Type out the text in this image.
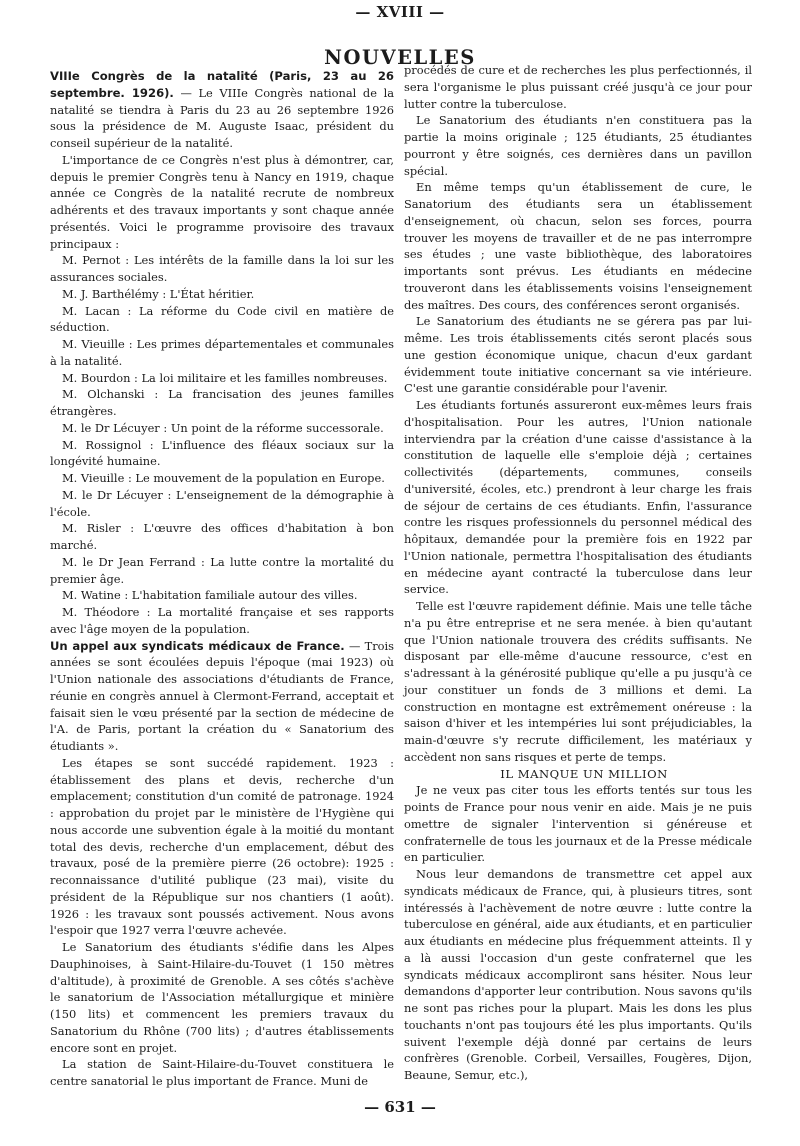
— XVIII —
NOUVELLES

VIIIe Congrès de la natalité (Paris, 23 au 26 septembre. 1926). — Le VIIIe Congrès national de la natalité se tiendra à Paris du 23 au 26 septembre 1926 sous la présidence de M. Auguste Isaac, président du conseil supérieur de la natalité.

L'importance de ce Congrès n'est plus à démontrer, car, depuis le premier Congrès tenu à Nancy en 1919, chaque année ce Congrès de la natalité recrute de nombreux adhérents et des travaux importants y sont chaque année présentés. Voici le programme provisoire des travaux principaux :

M. Pernot : Les intérêts de la famille dans la loi sur les assurances sociales.

M. J. Barthélémy : L'État héritier.

M. Lacan : La réforme du Code civil en matière de séduction.

M. Vieuille : Les primes départementales et communales à la natalité.

M. Bourdon : La loi militaire et les familles nombreuses.

M. Olchanski : La francisation des jeunes familles étrangères.

M. le Dr Lécuyer : Un point de la réforme successorale.

M. Rossignol : L'influence des fléaux sociaux sur la longévité humaine.

M. Vieuille : Le mouvement de la population en Europe.

M. le Dr Lécuyer : L'enseignement de la démographie à l'école.

M. Risler : L'œuvre des offices d'habitation à bon marché.

M. le Dr Jean Ferrand : La lutte contre la mortalité du premier âge.

M. Watine : L'habitation familiale autour des villes.

M. Théodore : La mortalité française et ses rapports avec l'âge moyen de la population.

Un appel aux syndicats médicaux de France. — Trois années se sont écoulées depuis l'époque (mai 1923) où l'Union nationale des associations d'étudiants de France, réunie en congrès annuel à Clermont-Ferrand, acceptait et faisait sien le vœu présenté par la section de médecine de l'A. de Paris, portant la création du « Sanatorium des étudiants ».

Les étapes se sont succédé rapidement. 1923 : établissement des plans et devis, recherche d'un emplacement; constitution d'un comité de patronage. 1924 : approbation du projet par le ministère de l'Hygiène qui nous accorde une subvention égale à la moitié du montant total des devis, recherche d'un emplacement, début des travaux, posé de la première pierre (26 octobre): 1925 : reconnaissance d'utilité publique (23 mai), visite du président de la République sur nos chantiers (1 août). 1926 : les travaux sont poussés activement. Nous avons l'espoir que 1927 verra l'œuvre achevée.

Le Sanatorium des étudiants s'édifie dans les Alpes Dauphinoises, à Saint-Hilaire-du-Touvet (1 150 mètres d'altitude), à proximité de Grenoble. A ses côtés s'achève le sanatorium de l'Association métallurgique et minière (150 lits) et commencent les premiers travaux du Sanatorium du Rhône (700 lits) ; d'autres établissements encore sont en projet.

La station de Saint-Hilaire-du-Touvet constituera le centre sanatorial le plus important de France. Muni de

procédés de cure et de recherches les plus perfectionnés, il sera l'organisme le plus puissant créé jusqu'à ce jour pour lutter contre la tuberculose.

Le Sanatorium des étudiants n'en constituera pas la partie la moins originale ; 125 étudiants, 25 étudiantes pourront y être soignés, ces dernières dans un pavillon spécial.

En même temps qu'un établissement de cure, le Sanatorium des étudiants sera un établissement d'enseignement, où chacun, selon ses forces, pourra trouver les moyens de travailler et de ne pas interrompre ses études ; une vaste bibliothèque, des laboratoires importants sont prévus. Les étudiants en médecine trouveront dans les établissements voisins l'enseignement des maîtres. Des cours, des conférences seront organisés.

Le Sanatorium des étudiants ne se gérera pas par lui-même. Les trois établissements cités seront placés sous une gestion économique unique, chacun d'eux gardant évidemment toute initiative concernant sa vie intérieure. C'est une garantie considérable pour l'avenir.

Les étudiants fortunés assureront eux-mêmes leurs frais d'hospitalisation. Pour les autres, l'Union nationale interviendra par la création d'une caisse d'assistance à la constitution de laquelle elle s'emploie déjà ; certaines collectivités (départements, communes, conseils d'université, écoles, etc.) prendront à leur charge les frais de séjour de certains de ces étudiants. Enfin, l'assurance contre les risques professionnels du personnel médical des hôpitaux, demandée pour la première fois en 1922 par l'Union nationale, permettra l'hospitalisation des étudiants en médecine ayant contracté la tuberculose dans leur service.

Telle est l'œuvre rapidement définie. Mais une telle tâche n'a pu être entreprise et ne sera menée. à bien qu'autant que l'Union nationale trouvera des crédits suffisants. Ne disposant par elle-même d'aucune ressource, c'est en s'adressant à la générosité publique qu'elle a pu jusqu'à ce jour constituer un fonds de 3 millions et demi. La construction en montagne est extrêmement onéreuse : la saison d'hiver et les intempéries lui sont préjudiciables, la main-d'œuvre s'y recrute difficilement, les matériaux y accèdent non sans risques et perte de temps.

IL MANQUE UN MILLION

Je ne veux pas citer tous les efforts tentés sur tous les points de France pour nous venir en aide. Mais je ne puis omettre de signaler l'intervention si généreuse et confraternelle de tous les journaux et de la Presse médicale en particulier.

Nous leur demandons de transmettre cet appel aux syndicats médicaux de France, qui, à plusieurs titres, sont intéressés à l'achèvement de notre œuvre : lutte contre la tuberculose en général, aide aux étudiants, et en particulier aux étudiants en médecine plus fréquemment atteints. Il y a là aussi l'occasion d'un geste confraternel que les syndicats médicaux accompliront sans hésiter. Nous leur demandons d'apporter leur contribution. Nous savons qu'ils ne sont pas riches pour la plupart. Mais les dons les plus touchants n'ont pas toujours été les plus importants. Qu'ils suivent l'exemple déjà donné par certains de leurs confrères (Grenoble. Corbeil, Versailles, Fougères, Dijon, Beaune, Semur, etc.),

— 631 —
